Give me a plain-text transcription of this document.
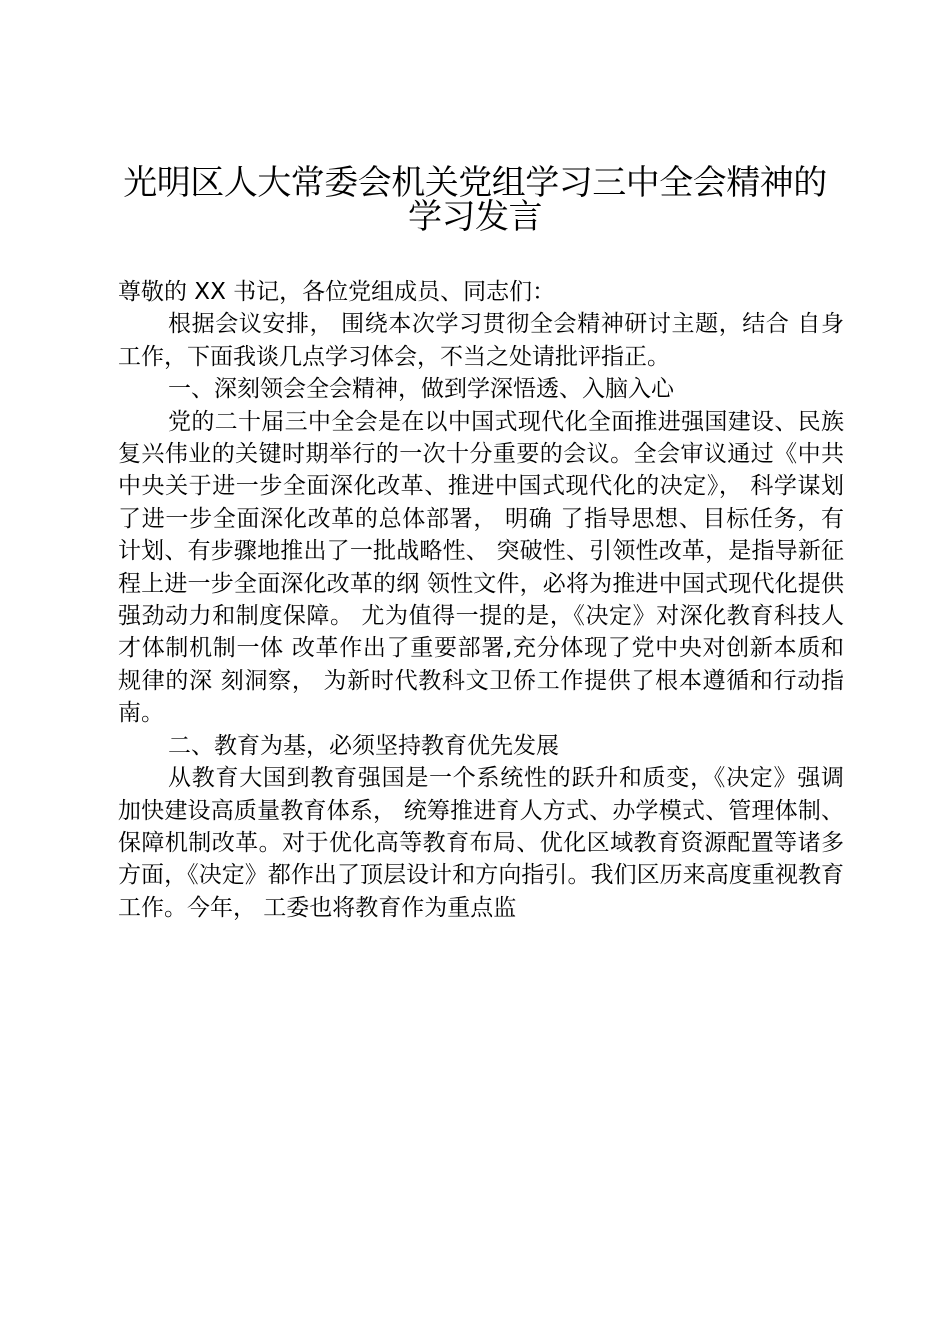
光明区人大常委会机关党组学习三中全会精神的学习发言

尊敬的 XX 书记，各位党组成员、同志们：

根据会议安排， 围绕本次学习贯彻全会精神研讨主题，结合 自身工作，下面我谈几点学习体会，不当之处请批评指正。

一、深刻领会全会精神，做到学深悟透、入脑入心

党的二十届三中全会是在以中国式现代化全面推进强国建设、民族复兴伟业的关键时期举行的一次十分重要的会议。全会审议通过《中共中央关于进一步全面深化改革、推进中国式现代化的决定》， 科学谋划了进一步全面深化改革的总体部署， 明确 了指导思想、目标任务，有计划、有步骤地推出了一批战略性、 突破性、引领性改革，是指导新征程上进一步全面深化改革的纲 领性文件，必将为推进中国式现代化提供强劲动力和制度保障。 尤为值得一提的是，《决定》对深化教育科技人才体制机制一体 改革作出了重要部署,充分体现了党中央对创新本质和规律的深 刻洞察， 为新时代教科文卫侨工作提供了根本遵循和行动指南。

二、教育为基，必须坚持教育优先发展

从教育大国到教育强国是一个系统性的跃升和质变，《决定》强调加快建设高质量教育体系， 统筹推进育人方式、办学模式、管理体制、保障机制改革。对于优化高等教育布局、优化区域教育资源配置等诸多方面，《决定》都作出了顶层设计和方向指引。我们区历来高度重视教育工作。今年， 工委也将教育作为重点监
